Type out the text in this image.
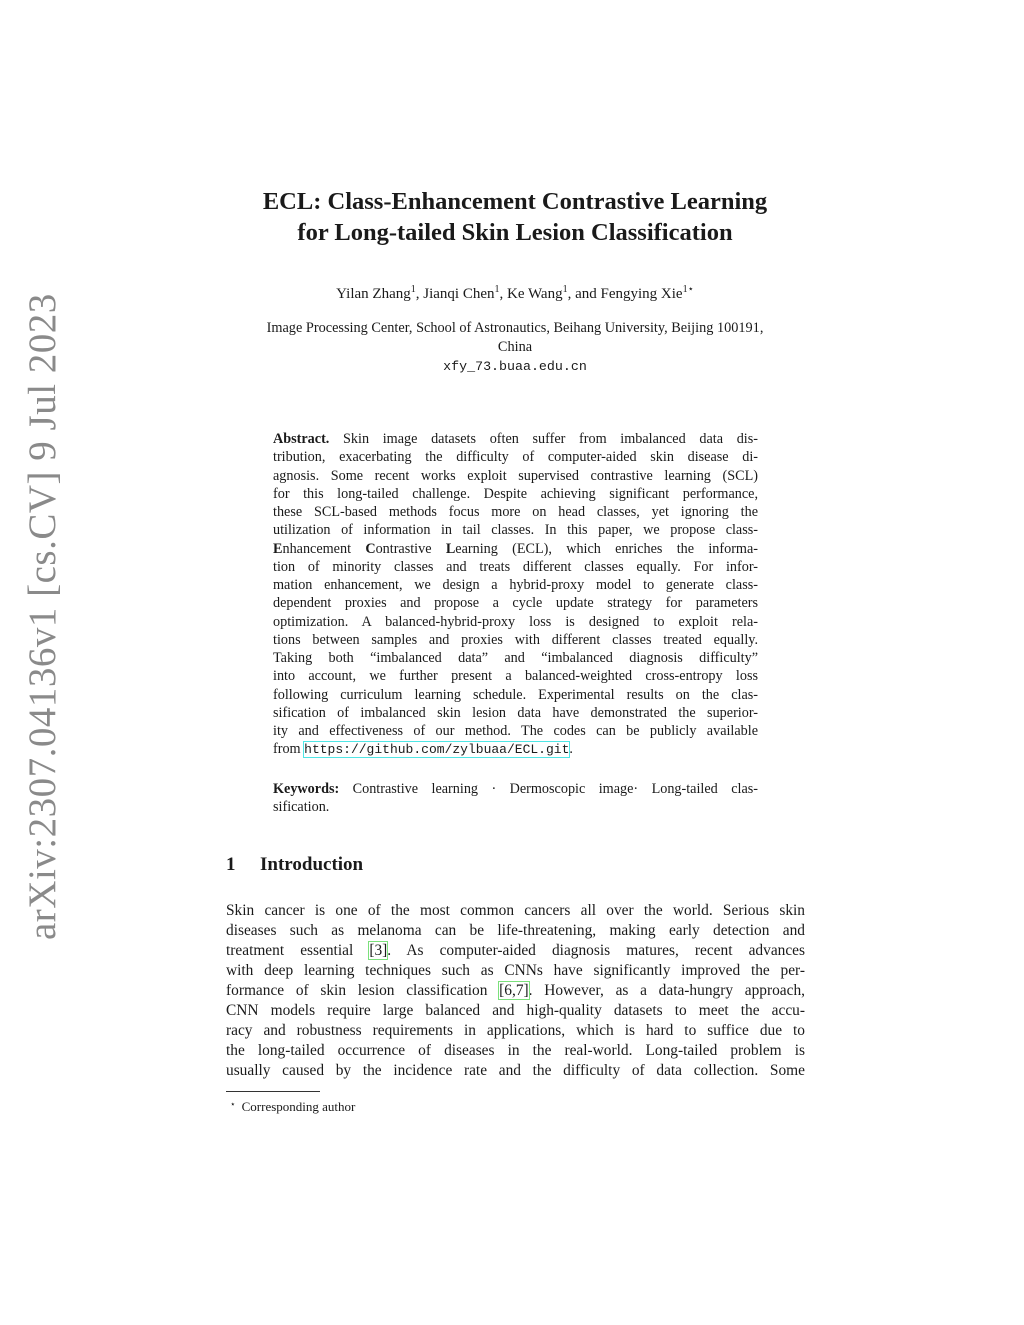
arXiv:2307.04136v1 [cs.CV] 9 Jul 2023
ECL: Class-Enhancement Contrastive Learning
for Long-tailed Skin Lesion Classification
Yilan Zhang$^1$, Jianqi Chen$^1$, Ke Wang$^1$, and Fengying Xie$^{1⋆}$
Image Processing Center, School of Astronautics, Beihang University, Beijing 100191,
China
xfy_73.buaa.edu.cn
Abstract. Skin image datasets often suffer from imbalanced data dis-
tribution, exacerbating the difficulty of computer-aided skin disease di-
agnosis. Some recent works exploit supervised contrastive learning (SCL)
for this long-tailed challenge. Despite achieving significant performance,
these SCL-based methods focus more on head classes, yet ignoring the
utilization of information in tail classes. In this paper, we propose class-
Enhancement Contrastive Learning (ECL), which enriches the informa-
tion of minority classes and treats different classes equally. For infor-
mation enhancement, we design a hybrid-proxy model to generate class-
dependent proxies and propose a cycle update strategy for parameters
optimization. A balanced-hybrid-proxy loss is designed to exploit rela-
tions between samples and proxies with different classes treated equally.
Taking both “imbalanced data” and “imbalanced diagnosis difficulty”
into account, we further present a balanced-weighted cross-entropy loss
following curriculum learning schedule. Experimental results on the clas-
sification of imbalanced skin lesion data have demonstrated the superior-
ity and effectiveness of our method. The codes can be publicly available
from https://github.com/zylbuaa/ECL.git.
Keywords: Contrastive learning · Dermoscopic image· Long-tailed clas-
sification.
1 Introduction
Skin cancer is one of the most common cancers all over the world. Serious skin
diseases such as melanoma can be life-threatening, making early detection and
treatment essential [3]. As computer-aided diagnosis matures, recent advances
with deep learning techniques such as CNNs have significantly improved the per-
formance of skin lesion classification [6,7]. However, as a data-hungry approach,
CNN models require large balanced and high-quality datasets to meet the accu-
racy and robustness requirements in applications, which is hard to suffice due to
the long-tailed occurrence of diseases in the real-world. Long-tailed problem is
usually caused by the incidence rate and the difficulty of data collection. Some
⋆ Corresponding author
